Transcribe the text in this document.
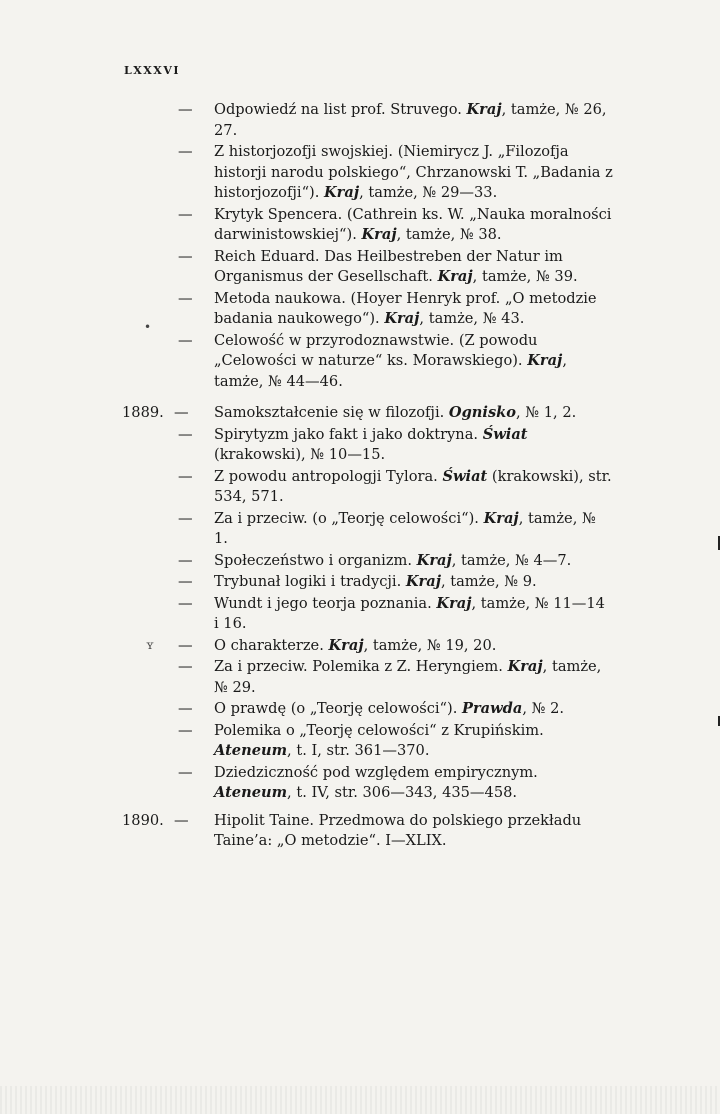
LXXXVI
•
ʏ
— Odpowiedź na list prof. Struvego. Kraj, tamże, № 26, 27.
— Z historjozofji swojskiej. (Niemirycz J. „Filozofja historji narodu polskiego“, Chrzanowski T. „Badania z historjozofji“). Kraj, tamże, № 29—33.
— Krytyk Spencera. (Cathrein ks. W. „Nauka moralności darwinistowskiej“). Kraj, tamże, № 38.
— Reich Eduard. Das Heilbestreben der Natur im Organismus der Gesellschaft. Kraj, tamże, № 39.
— Metoda naukowa. (Hoyer Henryk prof. „O metodzie badania naukowego“). Kraj, tamże, № 43.
— Celowość w przyrodoznawstwie. (Z powodu „Celowości w naturze“ ks. Morawskiego). Kraj, tamże, № 44—46.
1889. — Samokształcenie się w filozofji. Ognisko, № 1, 2.
— Spirytyzm jako fakt i jako doktryna. Świat (krakowski), № 10—15.
— Z powodu antropologji Tylora. Świat (krakowski), str. 534, 571.
— Za i przeciw. (o „Teorję celowości“). Kraj, tamże, № 1.
— Społeczeństwo i organizm. Kraj, tamże, № 4—7.
— Trybunał logiki i tradycji. Kraj, tamże, № 9.
— Wundt i jego teorja poznania. Kraj, tamże, № 11—14 i 16.
— O charakterze. Kraj, tamże, № 19, 20.
— Za i przeciw. Polemika z Z. Heryngiem. Kraj, tamże, № 29.
— O prawdę (o „Teorję celowości“). Prawda, № 2.
— Polemika o „Teorję celowości“ z Krupińskim. Ateneum, t. I, str. 361—370.
— Dziedziczność pod względem empirycznym. Ateneum, t. IV, str. 306—343, 435—458.
1890. — Hipolit Taine. Przedmowa do polskiego przekładu Taine’a: „O metodzie“. I—XLIX.
